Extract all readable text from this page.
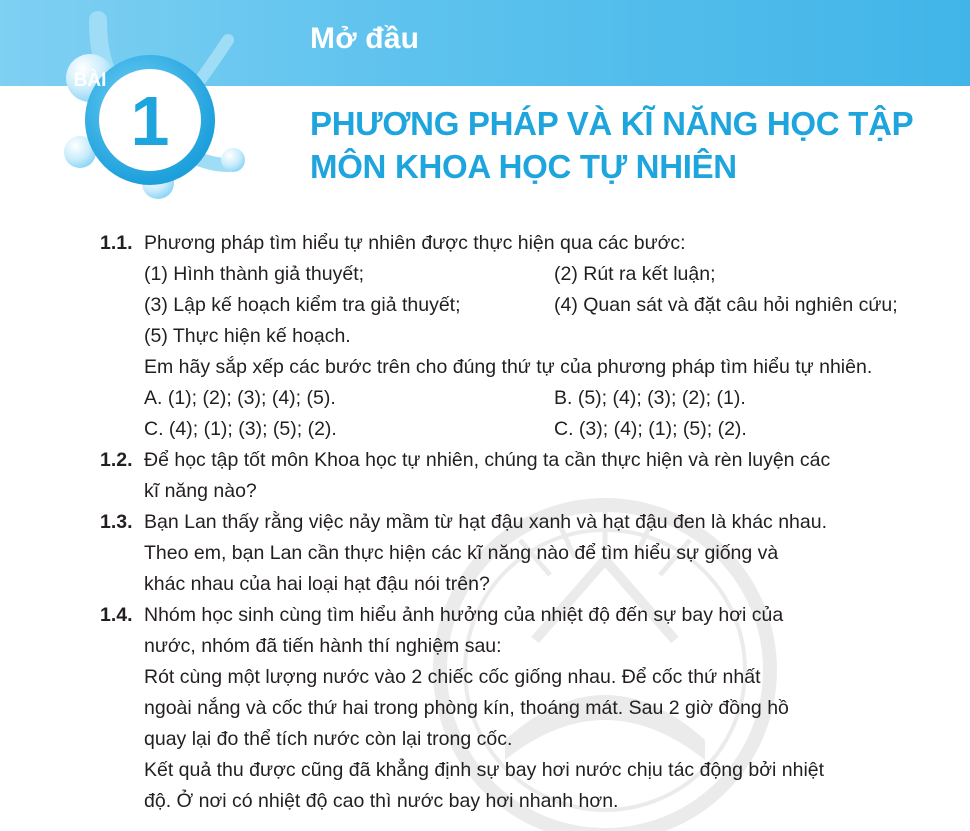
Mở đầu
BÀI
1	PHƯƠNG PHÁP VÀ KĨ NĂNG HỌC TẬP
MÔN KHOA HỌC TỰ NHIÊN
1.1. Phương pháp tìm hiểu tự nhiên được thực hiện qua các bước:
(1) Hình thành giả thuyết;	(2) Rút ra kết luận;
(3) Lập kế hoạch kiểm tra giả thuyết;	(4) Quan sát và đặt câu hỏi nghiên cứu;
(5) Thực hiện kế hoạch.
Em hãy sắp xếp các bước trên cho đúng thứ tự của phương pháp tìm hiểu tự nhiên.
A. (1); (2); (3); (4); (5).	B. (5); (4); (3); (2); (1).
C. (4); (1); (3); (5); (2).	C. (3); (4); (1); (5); (2).
1.2. Để học tập tốt môn Khoa học tự nhiên, chúng ta cần thực hiện và rèn luyện các
kĩ năng nào?
1.3. Bạn Lan thấy rằng việc nảy mầm từ hạt đậu xanh và hạt đậu đen là khác nhau.
Theo em, bạn Lan cần thực hiện các kĩ năng nào để tìm hiểu sự giống và
khác nhau của hai loại hạt đậu nói trên?
1.4. Nhóm học sinh cùng tìm hiểu ảnh hưởng của nhiệt độ đến sự bay hơi của
nước, nhóm đã tiến hành thí nghiệm sau:
Rót cùng một lượng nước vào 2 chiếc cốc giống nhau. Để cốc thứ nhất
ngoài nắng và cốc thứ hai trong phòng kín, thoáng mát. Sau 2 giờ đồng hồ
quay lại đo thể tích nước còn lại trong cốc.
Kết quả thu được cũng đã khẳng định sự bay hơi nước chịu tác động bởi nhiệt
độ. Ở nơi có nhiệt độ cao thì nước bay hơi nhanh hơn.
